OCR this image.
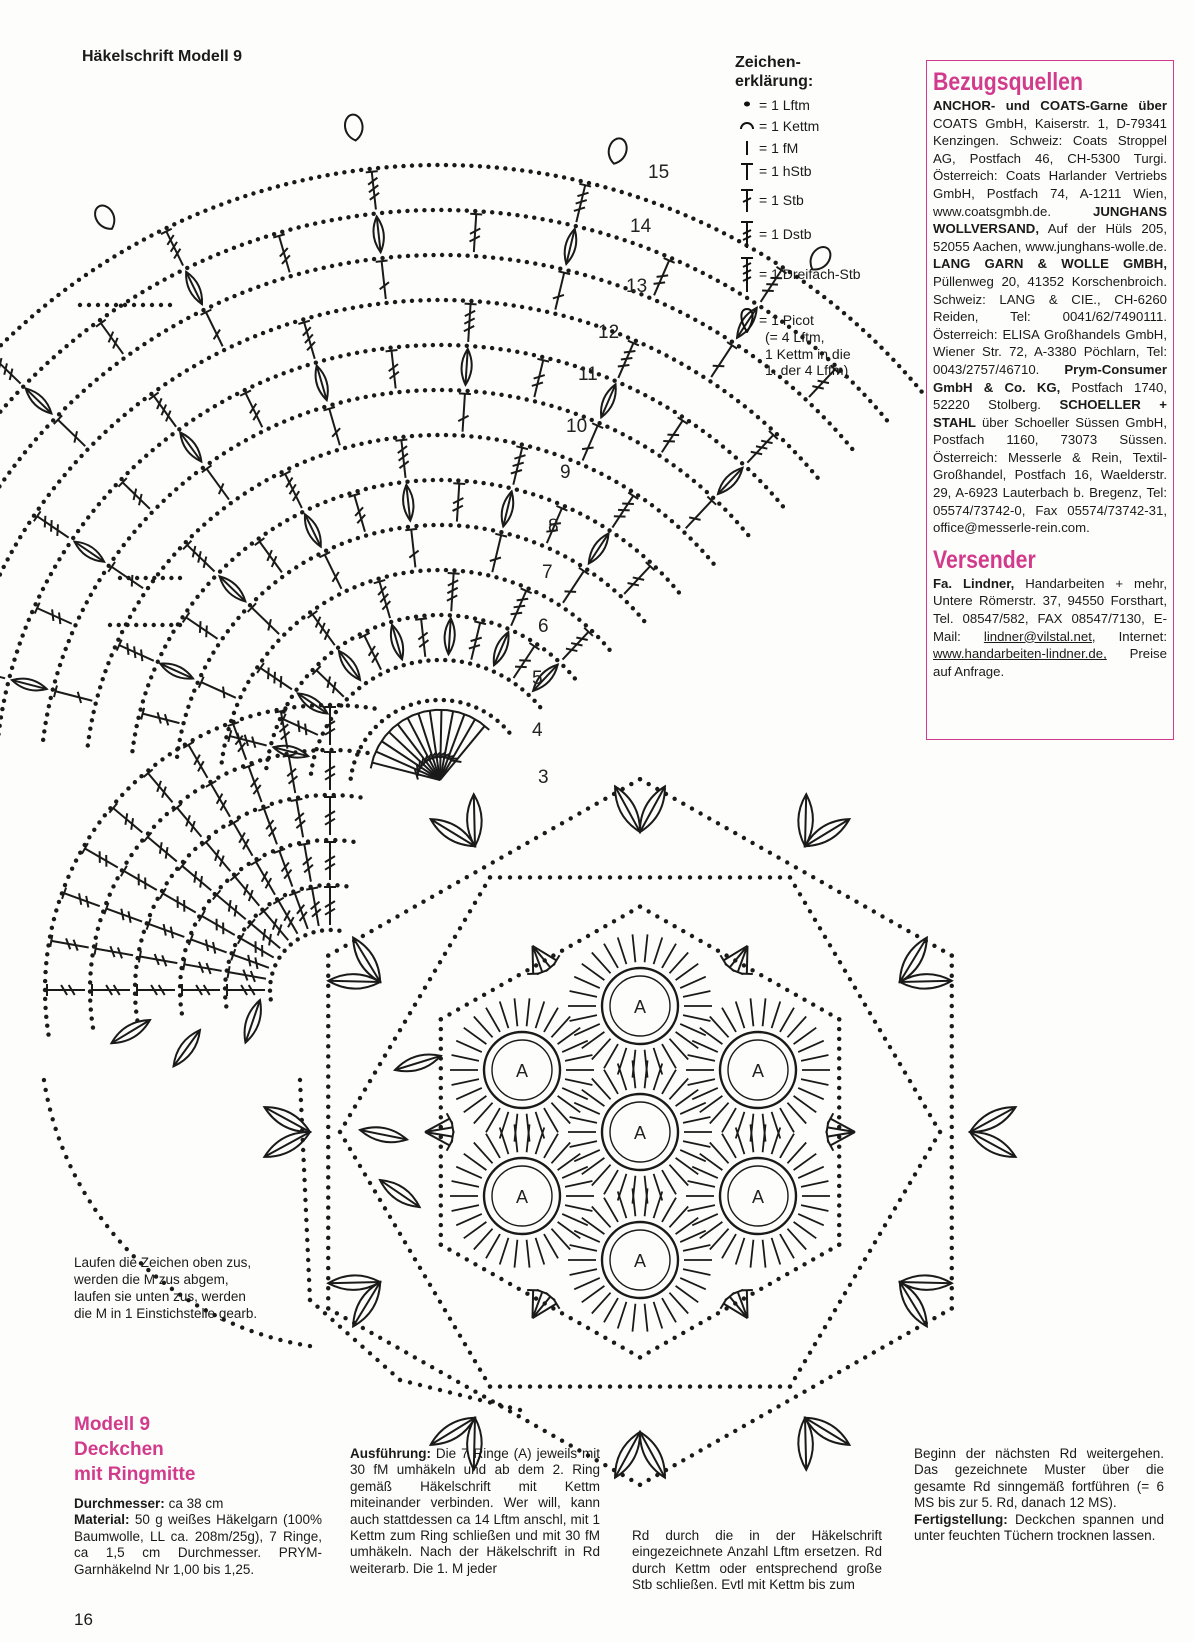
Häkelschrift Modell 9
A
A
A	A
A	A
A
15
14
13
12
11
10
9
8
7
6
5
4
3
Zeichen-
erklärung:
= 1 Lftm
= 1 Kettm
= 1 fM
= 1 hStb
= 1 Stb
= 1 Dstb
= 1 Dreifach-Stb
= 1 Picot
(= 4 Lftm,
1 Kettm in die
1. der 4 Lftm)
Bezugsquellen

ANCHOR- und COATS-Garne über COATS GmbH, Kaiserstr. 1, D-79341 Kenzingen. Schweiz: Coats Stroppel AG, Postfach 46, CH-5300 Turgi. Österreich: Coats Harlander Vertriebs GmbH, Postfach 74, A-1211 Wien, www.coatsgmbh.de.	JUNGHANS WOLLVERSAND, Auf der Hüls 205, 52055 Aachen, www.junghans-wolle.de. LANG GARN & WOLLE GMBH, Püllenweg 20, 41352 Korschenbroich. Schweiz: LANG & CIE., CH-6260 Reiden, Tel: 0041/62/7490111. Österreich: ELISA Großhandels GmbH, Wiener Str. 72, A-3380 Pöchlarn, Tel: 0043/2757/46710. Prym-Consumer GmbH & Co. KG, Postfach 1740, 52220 Stolberg. SCHOELLER + STAHL über Schoeller Süssen GmbH, Postfach 1160, 73073 Süssen. Österreich: Messerle & Rein, Textil-Großhandel, Postfach 16, Waelderstr. 29, A-6923 Lauterbach b. Bregenz, Tel: 05574/73742-0, Fax 05574/73742-31, office@messerle-rein.com.

Versender

Fa. Lindner, Handarbeiten + mehr, Untere Römerstr. 37, 94550 Forsthart, Tel. 08547/582, FAX 08547/7130, E-Mail: lindner@vilstal.net, Internet: www.handarbeiten-lindner.de, Preise auf Anfrage.

Laufen die Zeichen oben zus,
werden die M zus abgem,
laufen sie unten zus, werden
die M in 1 Einstichstelle gearb.
Modell 9
Deckchen
mit Ringmitte
Durchmesser: ca 38 cm
Material: 50 g weißes Häkelgarn (100% Baumwolle, LL ca. 208m/25g), 7 Ringe, ca 1,5 cm Durchmesser. PRYM-Garnhäkelnd Nr 1,00 bis 1,25.
Ausführung: Die 7 Ringe (A) jeweils mit 30 fM umhäkeln und ab dem 2. Ring gemäß Häkelschrift mit Kettm miteinander verbinden. Wer will, kann auch stattdessen ca 14 Lftm anschl, mit 1 Kettm zum Ring schließen und mit 30 fM umhäkeln. Nach der Häkelschrift in Rd weiterarb. Die 1. M jeder
Rd durch die in der Häkelschrift eingezeichnete Anzahl Lftm ersetzen. Rd durch Kettm oder entsprechend große Stb schließen. Evtl mit Kettm bis zum
Beginn der nächsten Rd weitergehen. Das gezeichnete Muster über die gesamte Rd sinngemäß fortführen (= 6 MS bis zur 5. Rd, danach 12 MS).
Fertigstellung: Deckchen spannen und unter feuchten Tüchern trocknen lassen.
16
